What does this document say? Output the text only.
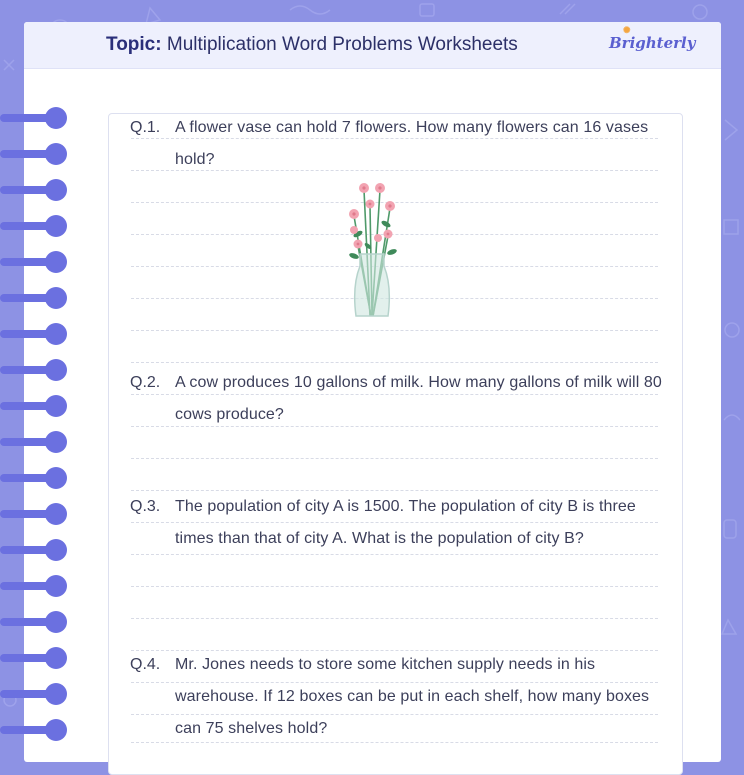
Topic: Multiplication Word Problems Worksheets
✺
Brighterly
Q.1. A flower vase can hold 7 flowers. How many flowers can 16 vases hold?
Q.2. A cow produces 10 gallons of milk. How many gallons of milk will 80 cows produce?
Q.3. The population of city A is 1500. The population of city B is three times than that of city A. What is the population of city B?
Q.4. Mr. Jones needs to store some kitchen supply needs in his warehouse. If 12 boxes can be put in each shelf, how many boxes can 75 shelves hold?
